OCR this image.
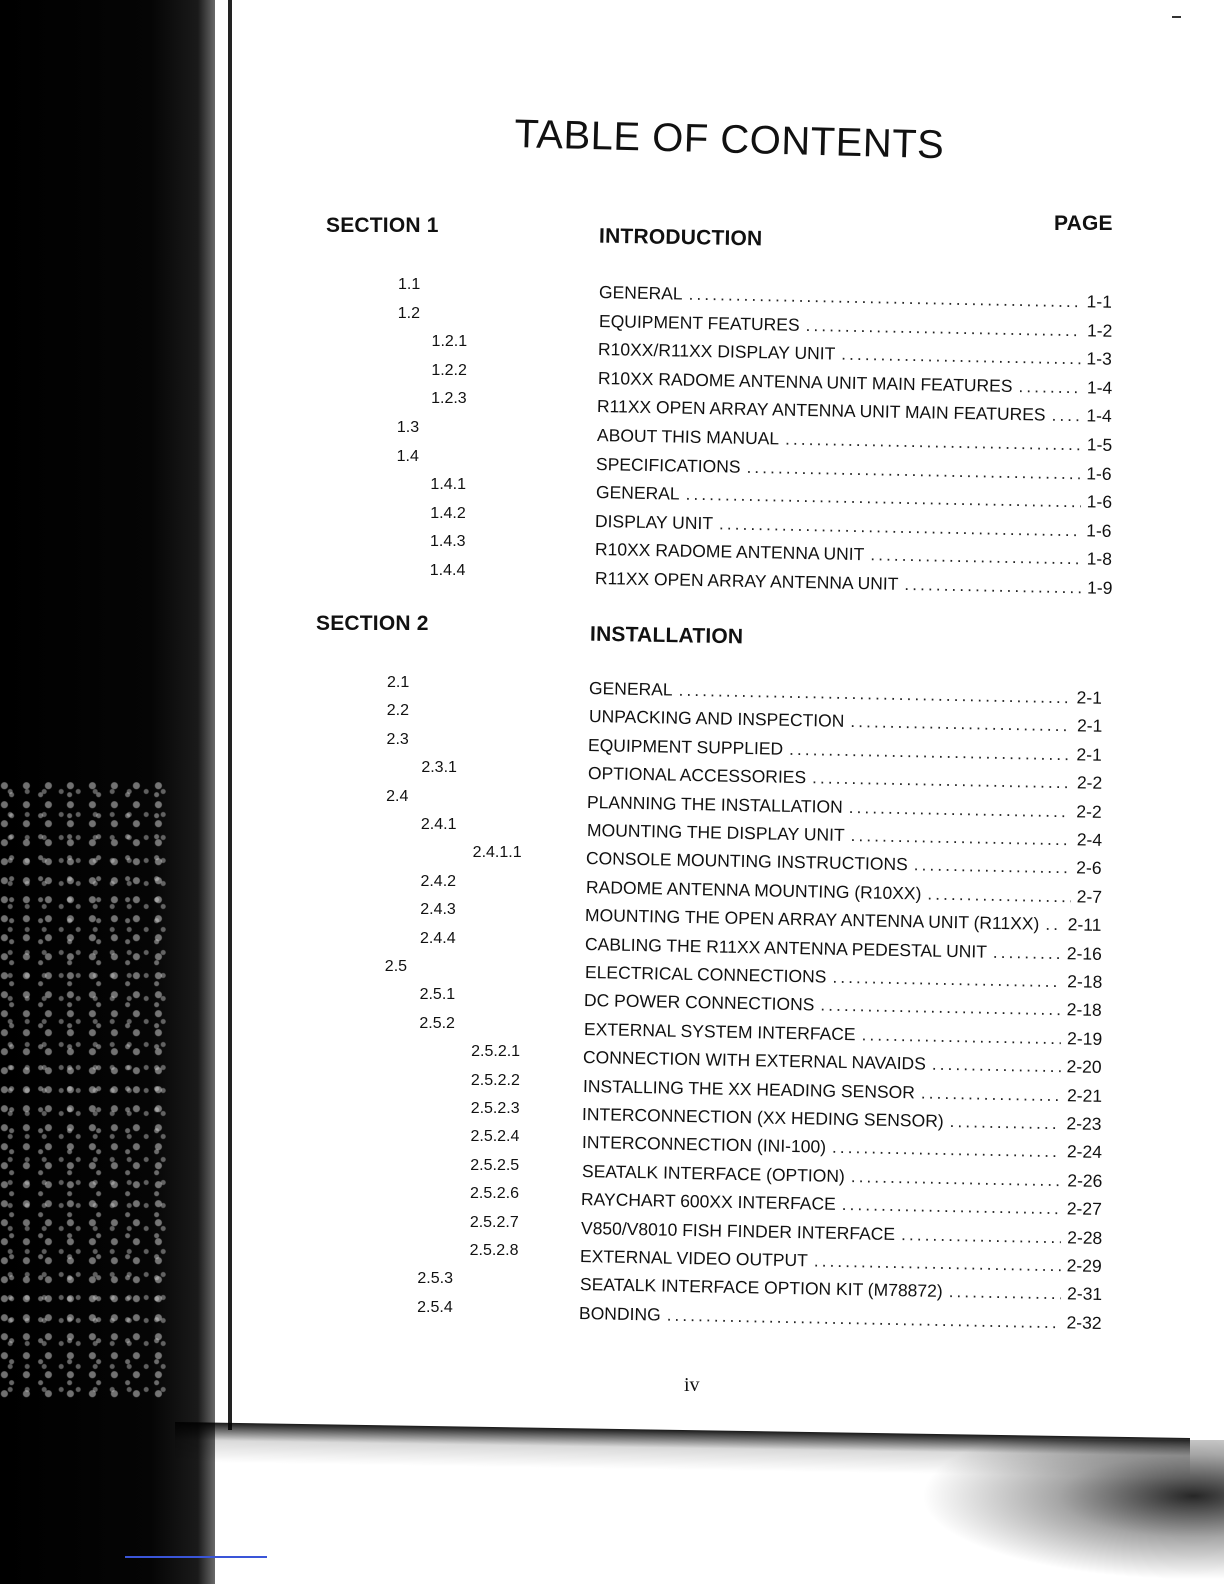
TABLE OF CONTENTS
SECTION 1	INTRODUCTION
PAGE
SECTION 2	INSTALLATION
1.1	GENERAL .....	1-1
1.2	EQUIPMENT FEATURES .....	1-2
1.2.1	R10XX/R11XX DISPLAY UNIT .....	1-3
1.2.2	R10XX RADOME ANTENNA UNIT MAIN FEATURES .....	1-4
1.2.3	R11XX OPEN ARRAY ANTENNA UNIT MAIN FEATURES ..... 1-4
1.3	ABOUT THIS MANUAL .....	1-5
1.4	SPECIFICATIONS .....	1-6
1.4.1	GENERAL .....	1-6
1.4.2	DISPLAY UNIT .....	1-6
1.4.3	R10XX RADOME ANTENNA UNIT .....	1-8
1.4.4	R11XX OPEN ARRAY ANTENNA UNIT .....	1-9
2.1	GENERAL .....	2-1
2.2	UNPACKING AND INSPECTION .....	2-1
2.3	EQUIPMENT SUPPLIED .....	2-1
2.3.1	OPTIONAL ACCESSORIES .....	2-2
2.4	PLANNING THE INSTALLATION .....	2-2
2.4.1	MOUNTING THE DISPLAY UNIT .....	2-4
2.4.1.1	CONSOLE MOUNTING INSTRUCTIONS .....	2-6
2.4.2	RADOME ANTENNA MOUNTING (R10XX) .....	2-7
2.4.3	MOUNTING THE OPEN ARRAY ANTENNA UNIT (R11XX) ..... 2-11
2.4.4	CABLING THE R11XX ANTENNA PEDESTAL UNIT .....	2-16
2.5	ELECTRICAL CONNECTIONS .....	2-18
2.5.1	DC POWER CONNECTIONS .....	2-18
2.5.2	EXTERNAL SYSTEM INTERFACE .....	2-19
2.5.2.1	CONNECTION WITH EXTERNAL NAVAIDS .....	2-20
2.5.2.2	INSTALLING THE XX HEADING SENSOR .....	2-21
2.5.2.3	INTERCONNECTION (XX HEDING SENSOR) .....	2-23
2.5.2.4	INTERCONNECTION (INI-100) .....	2-24
2.5.2.5	SEATALK INTERFACE (OPTION) .....	2-26
2.5.2.6	RAYCHART 600XX INTERFACE .....	2-27
2.5.2.7	V850/V8010 FISH FINDER INTERFACE .....	2-28
2.5.2.8	EXTERNAL VIDEO OUTPUT .....	2-29
2.5.3	SEATALK INTERFACE OPTION KIT (M78872) .....	2-31
2.5.4	BONDING .....	2-32
iv
